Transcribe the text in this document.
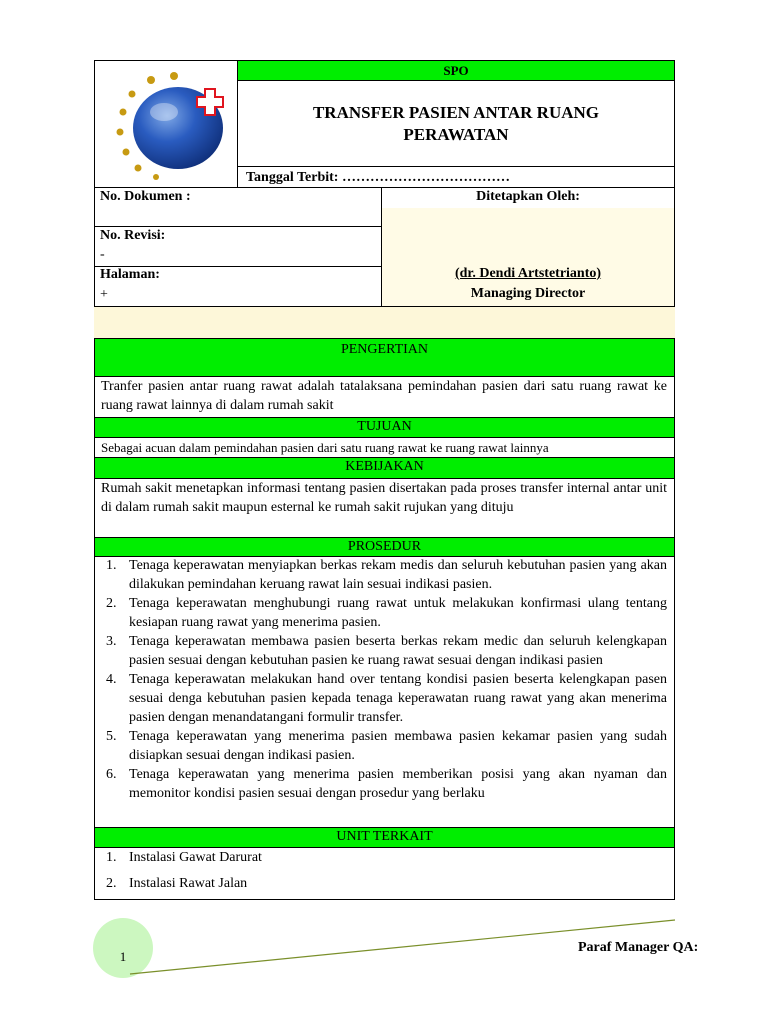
SPO
TRANSFER PASIEN ANTAR RUANG PERAWATAN
Tanggal Terbit: ………………………………
No. Dokumen :
No. Revisi:
-
Halaman:
+
Ditetapkan Oleh:
(dr. Dendi Artstetrianto)
Managing Director
PENGERTIAN
Tranfer pasien antar ruang rawat adalah tatalaksana pemindahan pasien dari satu ruang rawat ke ruang rawat lainnya di dalam rumah sakit
TUJUAN
Sebagai acuan dalam pemindahan pasien dari satu ruang rawat ke ruang rawat lainnya
KEBIJAKAN
Rumah sakit menetapkan informasi tentang pasien disertakan pada proses transfer internal antar unit di dalam rumah sakit maupun esternal ke rumah sakit rujukan yang dituju
PROSEDUR
1. Tenaga keperawatan menyiapkan berkas rekam medis dan seluruh kebutuhan pasien yang akan dilakukan pemindahan keruang rawat lain sesuai indikasi pasien.
2. Tenaga keperawatan menghubungi ruang rawat untuk melakukan konfirmasi ulang tentang kesiapan ruang rawat yang menerima pasien.
3. Tenaga keperawatan membawa pasien beserta berkas rekam medic dan seluruh kelengkapan pasien sesuai dengan kebutuhan pasien ke ruang rawat sesuai dengan indikasi pasien
4. Tenaga keperawatan melakukan hand over tentang kondisi pasien beserta kelengkapan pasen sesuai denga kebutuhan pasien kepada tenaga keperawatan ruang rawat yang akan menerima pasien dengan menandatangani formulir transfer.
5. Tenaga keperawatan yang menerima pasien membawa pasien kekamar pasien yang sudah disiapkan sesuai dengan indikasi pasien.
6. Tenaga keperawatan yang menerima pasien memberikan posisi yang akan nyaman dan memonitor kondisi pasien sesuai dengan prosedur yang berlaku
UNIT TERKAIT
1. Instalasi Gawat Darurat
2. Instalasi Rawat Jalan
1
Paraf Manager QA:
